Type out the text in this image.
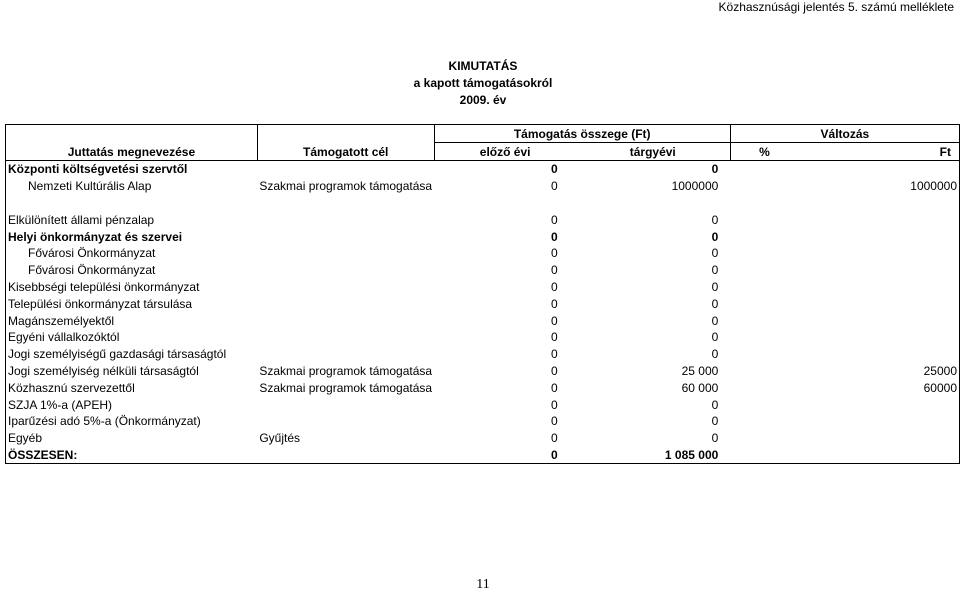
Közhasznúsági jelentés 5. számú melléklete
KIMUTATÁS
a kapott támogatásokról
2009. év
Juttatás megnevezése	Támogatott cél	Támogatás összege (Ft)		Változás	
		előző évi	tárgyévi	%	Ft
Központi költségvetési szervtől		0	0		
Nemzeti Kultúrális Alap	Szakmai programok támogatása	0	1000000		1000000

Elkülönített állami pénzalap		0	0		
Helyi önkormányzat és szervei		0	0		
Fővárosi Önkormányzat		0	0		
Fővárosi Önkormányzat		0	0		
Kisebbségi települési önkormányzat		0	0		
Települési önkormányzat társulása		0	0		
Magánszemélyektől		0	0		
Egyéni vállalkozóktól		0	0		
Jogi személyiségű gazdasági társaságtól		0	0		
Jogi személyiség nélküli társaságtól	Szakmai programok támogatása	0	25 000		25000
Közhasznú szervezettől	Szakmai programok támogatása	0	60 000		60000
SZJA 1%-a (APEH)		0	0		
Iparűzési adó 5%-a (Önkormányzat)		0	0		
Egyéb	Gyűjtés	0	0		
ÖSSZESEN:		0	1 085 000		
11
